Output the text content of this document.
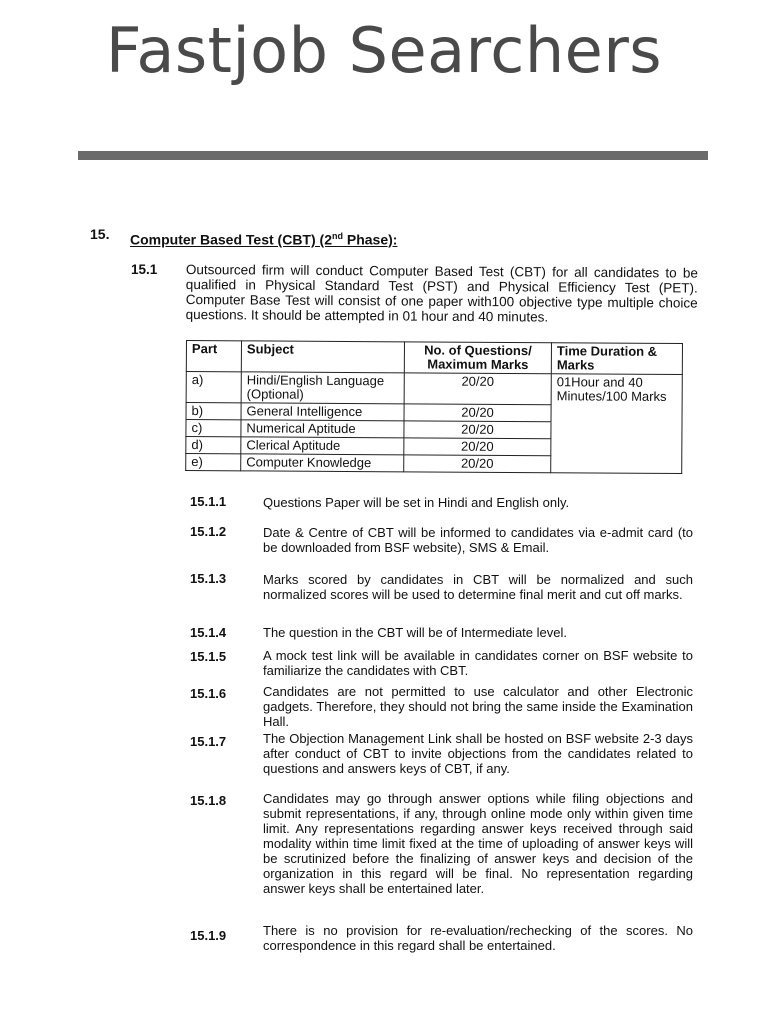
Fastjob Searchers
15. Computer Based Test (CBT) (2nd Phase):
15.1 Outsourced firm will conduct Computer Based Test (CBT) for all candidates to be qualified in Physical Standard Test (PST) and Physical Efficiency Test (PET). Computer Base Test will consist of one paper with100 objective type multiple choice questions. It should be attempted in 01 hour and 40 minutes.
Part	Subject	No. of Questions/ Maximum Marks	Time Duration & Marks
a)	Hindi/English Language (Optional)	20/20	01Hour and 40 Minutes/100 Marks
b)	General Intelligence	20/20	
c)	Numerical Aptitude	20/20	
d)	Clerical Aptitude	20/20	
e)	Computer Knowledge	20/20	
15.1.1	Questions Paper will be set in Hindi and English only.
15.1.2	Date & Centre of CBT will be informed to candidates via e-admit card (to be downloaded from BSF website), SMS & Email.
15.1.3	Marks scored by candidates in CBT will be normalized and such normalized scores will be used to determine final merit and cut off marks.
15.1.4	The question in the CBT will be of Intermediate level.
15.1.5	A mock test link will be available in candidates corner on BSF website to familiarize the candidates with CBT.
15.1.6	Candidates are not permitted to use calculator and other Electronic gadgets. Therefore, they should not bring the same inside the Examination Hall.
15.1.7	The Objection Management Link shall be hosted on BSF website 2-3 days after conduct of CBT to invite objections from the candidates related to questions and answers keys of CBT, if any.
15.1.8	Candidates may go through answer options while filing objections and submit representations, if any, through online mode only within given time limit. Any representations regarding answer keys received through said modality within time limit fixed at the time of uploading of answer keys will be scrutinized before the finalizing of answer keys and decision of the organization in this regard will be final. No representation regarding answer keys shall be entertained later.
15.1.9	There is no provision for re-evaluation/rechecking of the scores. No correspondence in this regard shall be entertained.
